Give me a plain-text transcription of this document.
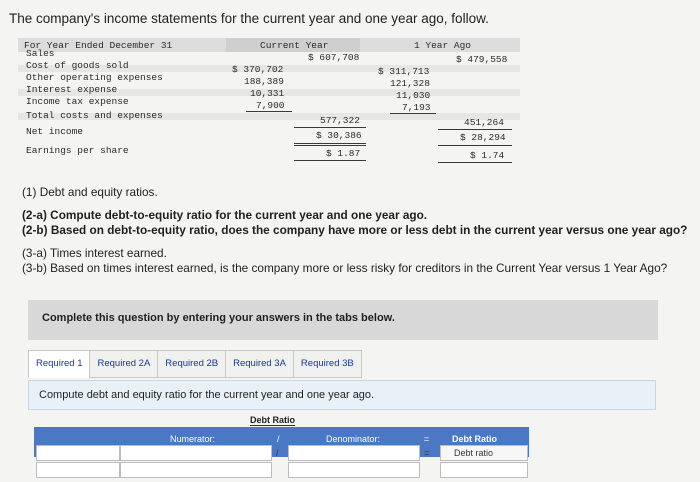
The company's income statements for the current year and one year ago, follow.
For Year Ended December 31	Current Year	1 Year Ago
Sales	$ 607,708	$ 479,558
Cost of goods sold	$ 370,702	$ 311,713
Other operating expenses	188,389	121,328
Interest expense	10,331	11,030
Income tax expense	7,900	7,193
Total costs and expenses	577,322	451,264
Net income	$ 30,386	$ 28,294
Earnings per share	$ 1.87	$ 1.74

(1) Debt and equity ratios.

(2-a) Compute debt-to-equity ratio for the current year and one year ago.

(2-b) Based on debt-to-equity ratio, does the company have more or less debt in the current year versus one year ago?

(3-a) Times interest earned.

(3-b) Based on times interest earned, is the company more or less risky for creditors in the Current Year versus 1 Year Ago?

Complete this question by entering your answers in the tabs below.
Required 1	Required 2A	Required 2B	Required 3A	Required 3B
Compute debt and equity ratio for the current year and one year ago.
Debt Ratio
Numerator:	/	Denominator:	=	Debt Ratio
/	=	Debt ratio
